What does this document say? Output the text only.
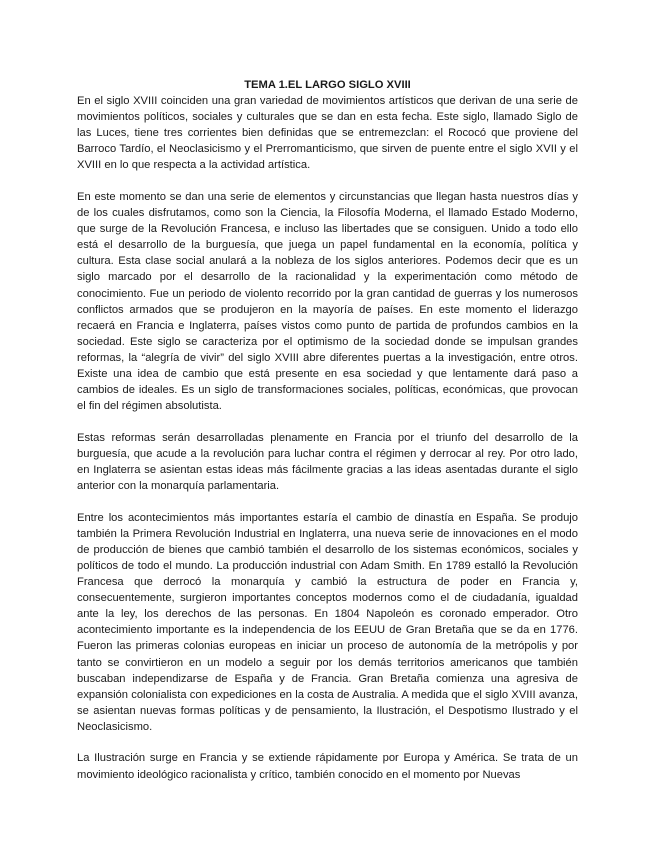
TEMA 1.EL LARGO SIGLO XVIII

En el siglo XVIII coinciden una gran variedad de movimientos artísticos que derivan de una serie de movimientos políticos, sociales y culturales que se dan en esta fecha. Este siglo, llamado Siglo de las Luces, tiene tres corrientes bien definidas que se entremezclan: el Rococó que proviene del Barroco Tardío, el Neoclasicismo y el Prerromanticismo, que sirven de puente entre el siglo XVII y el XVIII en lo que respecta a la actividad artística.

En este momento se dan una serie de elementos y circunstancias que llegan hasta nuestros días y de los cuales disfrutamos, como son la Ciencia, la Filosofía Moderna, el llamado Estado Moderno, que surge de la Revolución Francesa, e incluso las libertades que se consiguen. Unido a todo ello está el desarrollo de la burguesía, que juega un papel fundamental en la economía, política y cultura. Esta clase social anulará a la nobleza de los siglos anteriores. Podemos decir que es un siglo marcado por el desarrollo de la racionalidad y la experimentación como método de conocimiento. Fue un periodo de violento recorrido por la gran cantidad de guerras y los numerosos conflictos armados que se produjeron en la mayoría de países. En este momento el liderazgo recaerá en Francia e Inglaterra, países vistos como punto de partida de profundos cambios en la sociedad. Este siglo se caracteriza por el optimismo de la sociedad donde se impulsan grandes reformas, la “alegría de vivir” del siglo XVIII abre diferentes puertas a la investigación, entre otros. Existe una idea de cambio que está presente en esa sociedad y que lentamente dará paso a cambios de ideales. Es un siglo de transformaciones sociales, políticas, económicas, que provocan el fin del régimen absolutista.

Estas reformas serán desarrolladas plenamente en Francia por el triunfo del desarrollo de la burguesía, que acude a la revolución para luchar contra el régimen y derrocar al rey. Por otro lado, en Inglaterra se asientan estas ideas más fácilmente gracias a las ideas asentadas durante el siglo anterior con la monarquía parlamentaria.

Entre los acontecimientos más importantes estaría el cambio de dinastía en España. Se produjo también la Primera Revolución Industrial en Inglaterra, una nueva serie de innovaciones en el modo de producción de bienes que cambió también el desarrollo de los sistemas económicos, sociales y políticos de todo el mundo. La producción industrial con Adam Smith. En 1789 estalló la Revolución Francesa que derrocó la monarquía y cambió la estructura de poder en Francia y, consecuentemente, surgieron importantes conceptos modernos como el de ciudadanía, igualdad ante la ley, los derechos de las personas. En 1804 Napoleón es coronado emperador. Otro acontecimiento importante es la independencia de los EEUU de Gran Bretaña que se da en 1776. Fueron las primeras colonias europeas en iniciar un proceso de autonomía de la metrópolis y por tanto se convirtieron en un modelo a seguir por los demás territorios americanos que también buscaban independizarse de España y de Francia. Gran Bretaña comienza una agresiva de expansión colonialista con expediciones en la costa de Australia. A medida que el siglo XVIII avanza, se asientan nuevas formas políticas y de pensamiento, la Ilustración, el Despotismo Ilustrado y el Neoclasicismo.

La Ilustración surge en Francia y se extiende rápidamente por Europa y América. Se trata de un movimiento ideológico racionalista y crítico, también conocido en el momento por Nuevas
